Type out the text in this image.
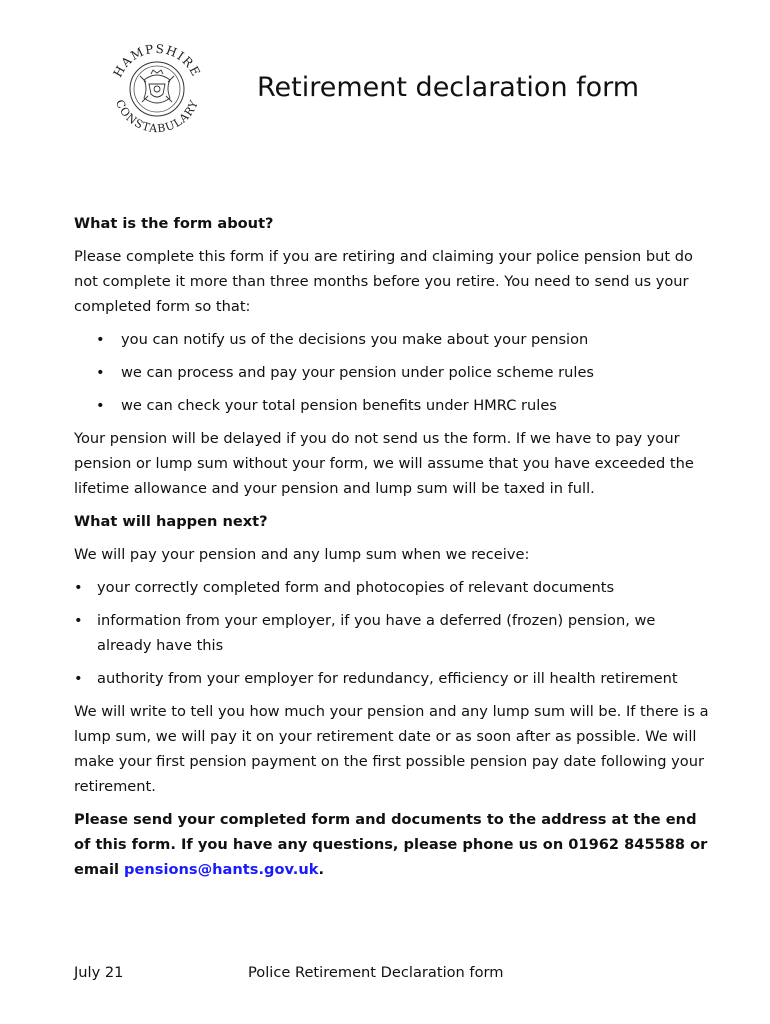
HAMPSHIRE
CONSTABULARY
Retirement declaration form

What is the form about?

Please complete this form if you are retiring and claiming your police pension but do not complete it more than three months before you retire. You need to send us your completed form so that:

• you can notify us of the decisions you make about your pension
• we can process and pay your pension under police scheme rules
• we can check your total pension benefits under HMRC rules

Your pension will be delayed if you do not send us the form. If we have to pay your pension or lump sum without your form, we will assume that you have exceeded the lifetime allowance and your pension and lump sum will be taxed in full.

What will happen next?

We will pay your pension and any lump sum when we receive:

• your correctly completed form and photocopies of relevant documents
• information from your employer, if you have a deferred (frozen) pension, we already have this
• authority from your employer for redundancy, efficiency or ill health retirement

We will write to tell you how much your pension and any lump sum will be. If there is a lump sum, we will pay it on your retirement date or as soon after as possible. We will make your first pension payment on the first possible pension pay date following your retirement.

Please send your completed form and documents to the address at the end of this form. If you have any questions, please phone us on 01962 845588 or email pensions@hants.gov.uk.

July 21	Police Retirement Declaration form
